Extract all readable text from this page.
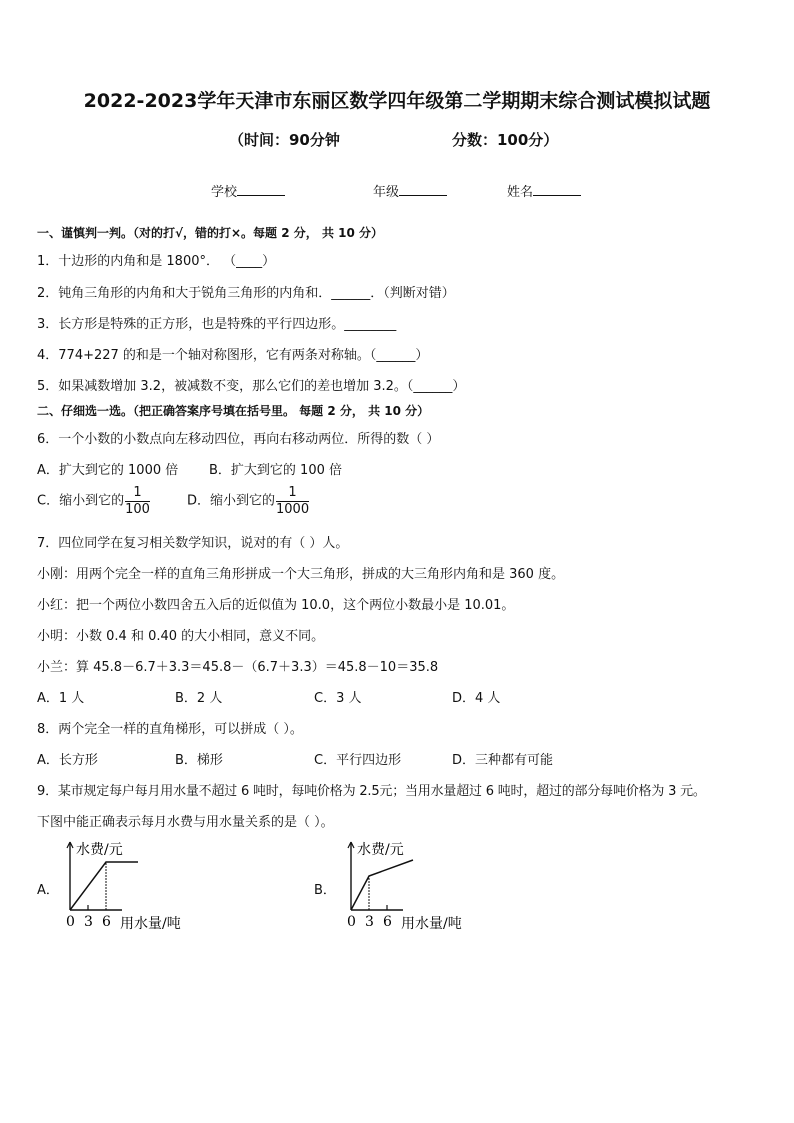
2022-2023学年天津市东丽区数学四年级第二学期期末综合测试模拟试题
（时间：90分钟	分数：100分）
学校	年级	姓名
一、谨慎判一判。（对的打√，错的打×。每题 2 分， 共 10 分）
1．十边形的内角和是 1800°． （____）
2．钝角三角形的内角和大于锐角三角形的内角和．______．（判断对错）
3．长方形是特殊的正方形，也是特殊的平行四边形。________
4．774+227 的和是一个轴对称图形，它有两条对称轴。（______）
5．如果减数增加 3.2，被减数不变，那么它们的差也增加 3.2。（______）
二、仔细选一选。（把正确答案序号填在括号里。 每题 2 分， 共 10 分）
6．一个小数的小数点向左移动四位，再向右移动两位．所得的数（ ）
A．扩大到它的 1000 倍 B．扩大到它的 100 倍
C．缩小到它的 $\frac{1}{100}$	D．缩小到它的 $\frac{1}{1000}$
7．四位同学在复习相关数学知识，说对的有（ ）人。
小刚：用两个完全一样的直角三角形拼成一个大三角形，拼成的大三角形内角和是 360 度。
小红：把一个两位小数四舍五入后的近似值为 10.0，这个两位小数最小是 10.01。
小明：小数 0.4 和 0.40 的大小相同，意义不同。
小兰：算 45.8－6.7＋3.3＝45.8－（6.7＋3.3）＝45.8－10＝35.8
A．1 人	B．2 人	C．3 人	D．4 人
8．两个完全一样的直角梯形，可以拼成（ ）。
A．长方形	B．梯形	C．平行四边形	D．三种都有可能
9．某市规定每户每月用水量不超过 6 吨时，每吨价格为 2.5元；当用水量超过 6 吨时，超过的部分每吨价格为 3 元。
下图中能正确表示每月水费与用水量关系的是（ ）。
A．	B．
水费/元
0 3 6 用水量/吨
水费/元
0 3 6 用水量/吨
